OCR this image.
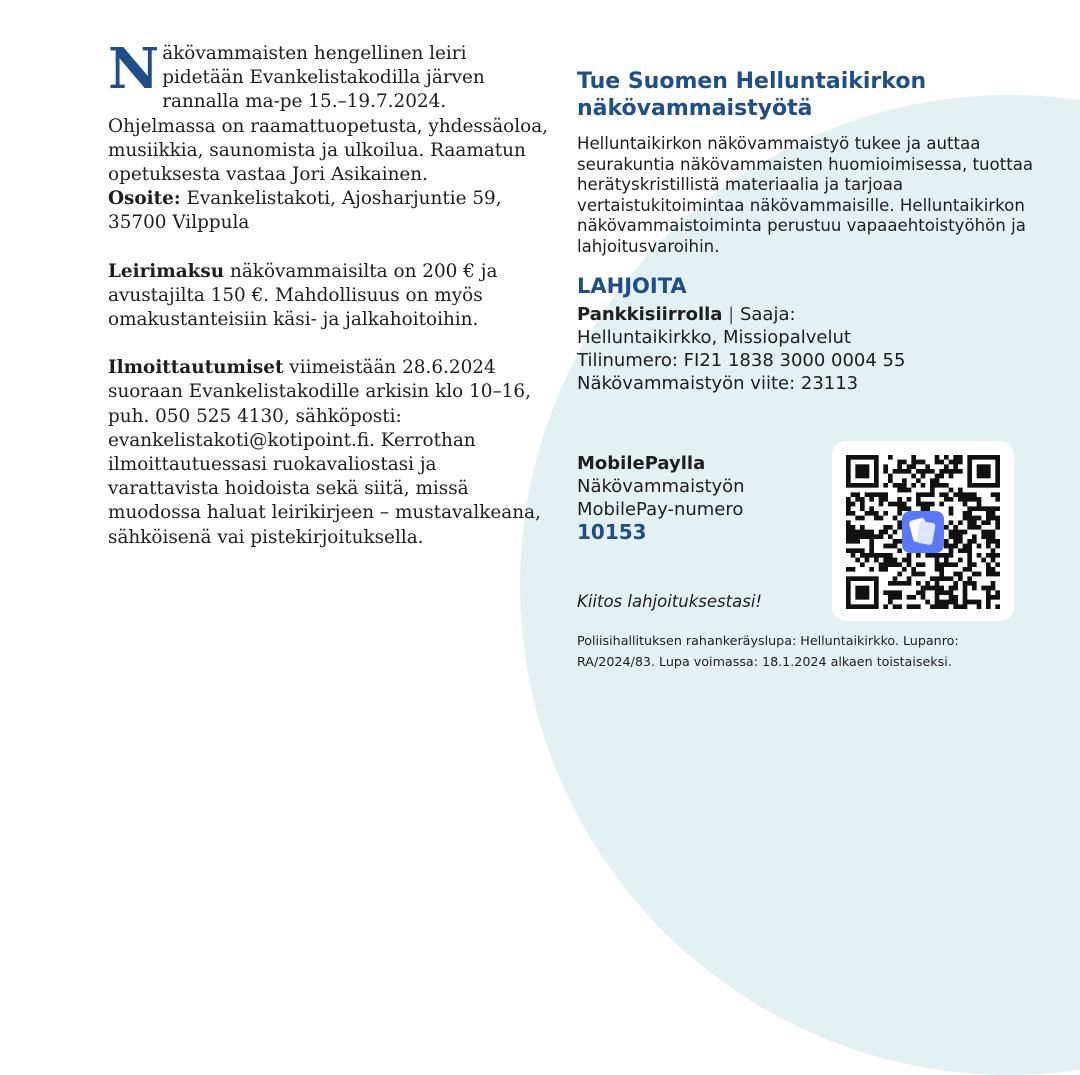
Näkövammaisten hengellinen leiri pidetään Evankelistakodilla järven rannalla ma-pe 15.–19.7.2024. Ohjelmassa on raamattuopetusta, yhdessäoloa, musiikkia, saunomista ja ulkoilua. Raamatun opetuksesta vastaa Jori Asikainen.

Osoite: Evankelistakoti, Ajosharjuntie 59, 35700 Vilppula

Leirimaksu näkövammaisilta on 200 € ja avustajilta 150 €. Mahdollisuus on myös omakustanteisiin käsi- ja jalkahoitoihin.

Ilmoittautumiset viimeistään 28.6.2024 suoraan Evankelistakodille arkisin klo 10–16, puh. 050 525 4130, sähköposti: evankelistakoti@kotipoint.fi. Kerrothan ilmoittautuessasi ruokavaliostasi ja varattavista hoidoista sekä siitä, missä muodossa haluat leirikirjeen – mustavalkeana, sähköisenä vai pistekirjoituksella.

Tue Suomen Helluntaikirkon
näkövammaistyötä

Helluntaikirkon näkövammaistyö tukee ja auttaa seurakuntia näkövammaisten huomioimisessa, tuottaa herätyskristillistä materiaalia ja tarjoaa vertaistukitoimintaa näkövammaisille. Helluntaikirkon näkövammaistoiminta perustuu vapaaehtoistyöhön ja lahjoitusvaroihin.

LAHJOITA

Pankkisiirrolla | Saaja:
Helluntaikirkko, Missiopalvelut
Tilinumero: FI21 1838 3000 0004 55
Näkövammaistyön viite: 23113

MobilePaylla
Näkövammaistyön
MobilePay-numero
10153
Kiitos lahjoituksestasi!
Poliisihallituksen rahankeräyslupa: Helluntaikirkko. Lupanro: RA/2024/83. Lupa voimassa: 18.1.2024 alkaen toistaiseksi.
